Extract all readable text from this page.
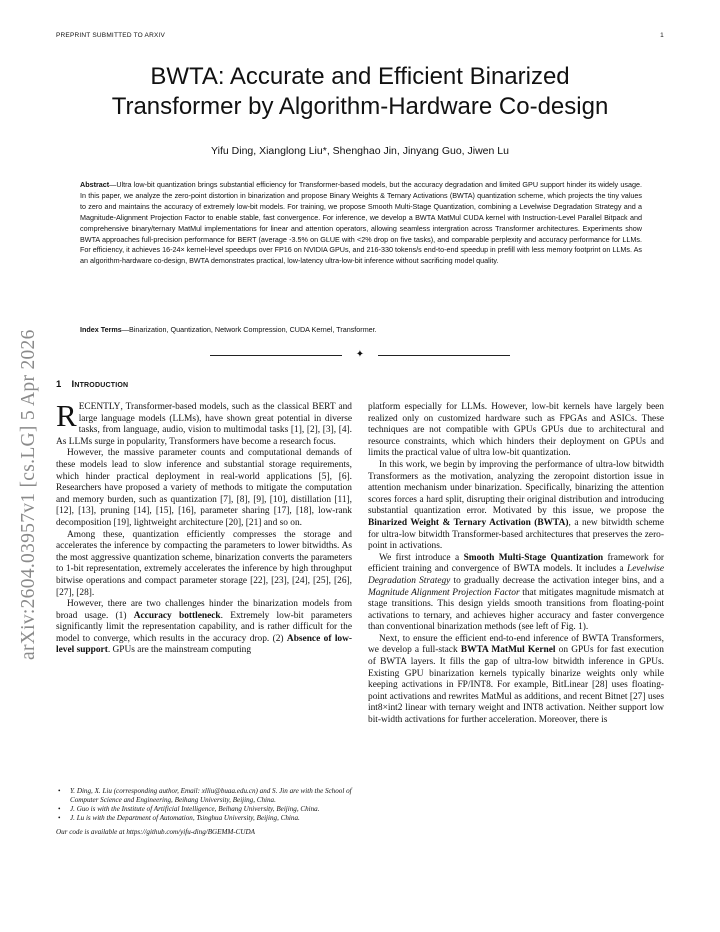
PREPRINT SUBMITTED TO ARXIV	1
arXiv:2604.03957v1 [cs.LG] 5 Apr 2026
BWTA: Accurate and Efficient Binarized
Transformer by Algorithm-Hardware Co-design
Yifu Ding, Xianglong Liu*, Shenghao Jin, Jinyang Guo, Jiwen Lu
Abstract—Ultra low-bit quantization brings substantial efficiency for Transformer-based models, but the accuracy degradation and limited GPU support hinder its widely usage. In this paper, we analyze the zero-point distortion in binarization and propose Binary Weights & Ternary Activations (BWTA) quantization scheme, which projects the tiny values to zero and maintains the accuracy of extremely low-bit models. For training, we propose Smooth Multi-Stage Quantization, combining a Levelwise Degradation Strategy and a Magnitude-Alignment Projection Factor to enable stable, fast convergence. For inference, we develop a BWTA MatMul CUDA kernel with Instruction-Level Parallel Bitpack and comprehensive binary/ternary MatMul implementations for linear and attention operators, allowing seamless intergration across Transformer architectures. Experiments show BWTA approaches full-precision performance for BERT (average -3.5% on GLUE with <2% drop on five tasks), and comparable perplexity and accuracy performance for LLMs. For efficiency, it achieves 16-24× kernel-level speedups over FP16 on NVIDIA GPUs, and 216-330 tokens/s end-to-end speedup in prefill with less memory footprint on LLMs. As an algorithm-hardware co-design, BWTA demonstrates practical, low-latency ultra-low-bit inference without sacrificing model quality.
Index Terms—Binarization, Quantization, Network Compression, CUDA Kernel, Transformer.
✦
1 Introduction

RECENTLY, Transformer-based models, such as the classical BERT and large language models (LLMs), have shown great potential in diverse tasks, from language, audio, vision to multimodal tasks [1], [2], [3], [4]. As LLMs surge in popularity, Transformers have become a research focus.

However, the massive parameter counts and computational demands of these models lead to slow inference and substantial storage requirements, which hinder practical deployment in real-world applications [5], [6]. Researchers have proposed a variety of methods to mitigate the computation and memory burden, such as quantization [7], [8], [9], [10], distillation [11], [12], [13], pruning [14], [15], [16], parameter sharing [17], [18], low-rank decomposition [19], lightweight architecture [20], [21] and so on.

Among these, quantization efficiently compresses the storage and accelerates the inference by compacting the parameters to lower bitwidths. As the most aggressive quantization scheme, binarization converts the parameters to 1-bit representation, extremely accelerates the inference by high throughput bitwise operations and compact parameter storage [22], [23], [24], [25], [26], [27], [28].

However, there are two challenges hinder the binarization models from broad usage. (1) Accuracy bottleneck. Extremely low-bit parameters significantly limit the representation capability, and is rather difficult for the model to converge, which results in the accuracy drop. (2) Absence of low-level support. GPUs are the mainstream computing

platform especially for LLMs. However, low-bit kernels have largely been realized only on customized hardware such as FPGAs and ASICs. These techniques are not compatible with GPUs GPUs due to architectural and resource constraints, which which hinders their deployment on GPUs and limits the practical value of ultra low-bit quantization.

In this work, we begin by improving the performance of ultra-low bitwidth Transformers as the motivation, analyzing the zeropoint distortion issue in attention mechanism under binarization. Specifically, binarizing the attention scores forces a hard split, disrupting their original distribution and introducing substantial quantization error. Motivated by this issue, we propose the Binarized Weight & Ternary Activation (BWTA), a new bitwidth scheme for ultra-low bitwidth Transformer-based architectures that preserves the zero-point in activations.

We first introduce a Smooth Multi-Stage Quantization framework for efficient training and convergence of BWTA models. It includes a Levelwise Degradation Strategy to gradually decrease the activation integer bins, and a Magnitude Alignment Projection Factor that mitigates magnitude mismatch at stage transitions. This design yields smooth transitions from floating-point activations to ternary, and achieves higher accuracy and faster convergence than conventional binarization methods (see left of Fig. 1).

Next, to ensure the efficient end-to-end inference of BWTA Transformers, we develop a full-stack BWTA MatMul Kernel on GPUs for fast execution of BWTA layers. It fills the gap of ultra-low bitwidth inference in GPUs. Existing GPU binarization kernels typically binarize weights only while keeping activations in FP/INT8. For example, BitLinear [28] uses floating-point activations and rewrites MatMul as additions, and recent Bitnet [27] uses int8×int2 linear with ternary weight and INT8 activation. Neither support low bit-width activations for further acceleration. Moreover, there is

• Y. Ding, X. Liu (corresponding author, Email: xlliu@buaa.edu.cn) and S. Jin are with the School of Computer Science and Engineering, Beihang University, Beijing, China.
• J. Guo is with the Institute of Artificial Intelligence, Beihang University, Beijing, China.
• J. Lu is with the Department of Automation, Tsinghua University, Beijing, China.
Our code is available at https://github.com/yifu-ding/BGEMM-CUDA
